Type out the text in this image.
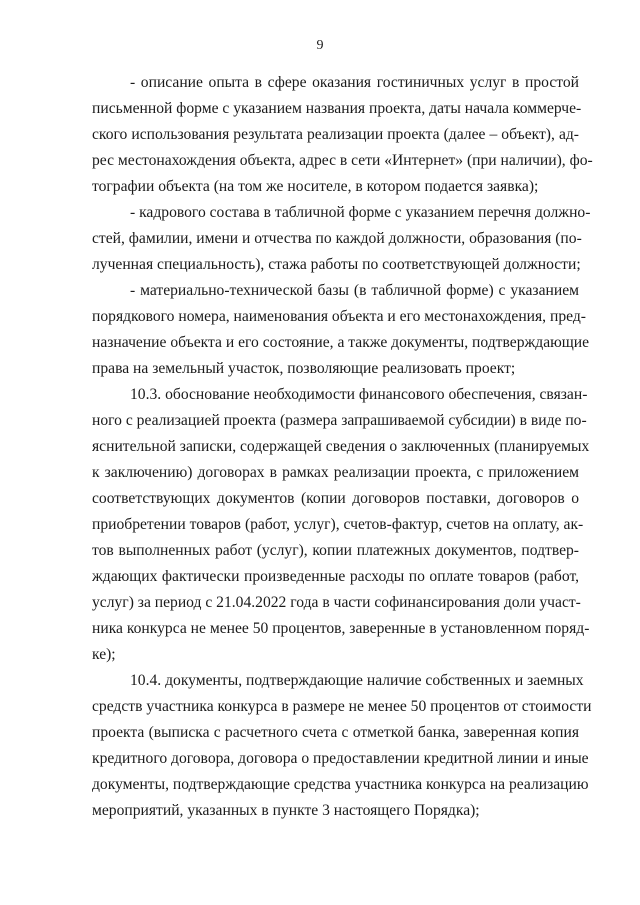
9

- описание опыта в сфере оказания гостиничных услуг в простой
письменной форме с указанием названия проекта, даты начала коммерче-
ского использования результата реализации проекта (далее – объект), ад-
рес местонахождения объекта, адрес в сети «Интернет» (при наличии), фо-
тографии объекта (на том же носителе, в котором подается заявка);

- кадрового состава в табличной форме с указанием перечня должно-
стей, фамилии, имени и отчества по каждой должности, образования (по-
лученная специальность), стажа работы по соответствующей должности;

- материально-технической базы (в табличной форме) с указанием
порядкового номера, наименования объекта и его местонахождения, пред-
назначение объекта и его состояние, а также документы, подтверждающие
права на земельный участок, позволяющие реализовать проект;

10.3. обоснование необходимости финансового обеспечения, связан-
ного с реализацией проекта (размера запрашиваемой субсидии) в виде по-
яснительной записки, содержащей сведения о заключенных (планируемых
к заключению) договорах в рамках реализации проекта, с приложением
соответствующих документов (копии договоров поставки, договоров о
приобретении товаров (работ, услуг), счетов-фактур, счетов на оплату, ак-
тов выполненных работ (услуг), копии платежных документов, подтвер-
ждающих фактически произведенные расходы по оплате товаров (работ,
услуг) за период с 21.04.2022 года в части софинансирования доли участ-
ника конкурса не менее 50 процентов, заверенные в установленном поряд-
ке);

10.4. документы, подтверждающие наличие собственных и заемных
средств участника конкурса в размере не менее 50 процентов от стоимости
проекта (выписка с расчетного счета с отметкой банка, заверенная копия
кредитного договора, договора о предоставлении кредитной линии и иные
документы, подтверждающие средства участника конкурса на реализацию
мероприятий, указанных в пункте 3 настоящего Порядка);
